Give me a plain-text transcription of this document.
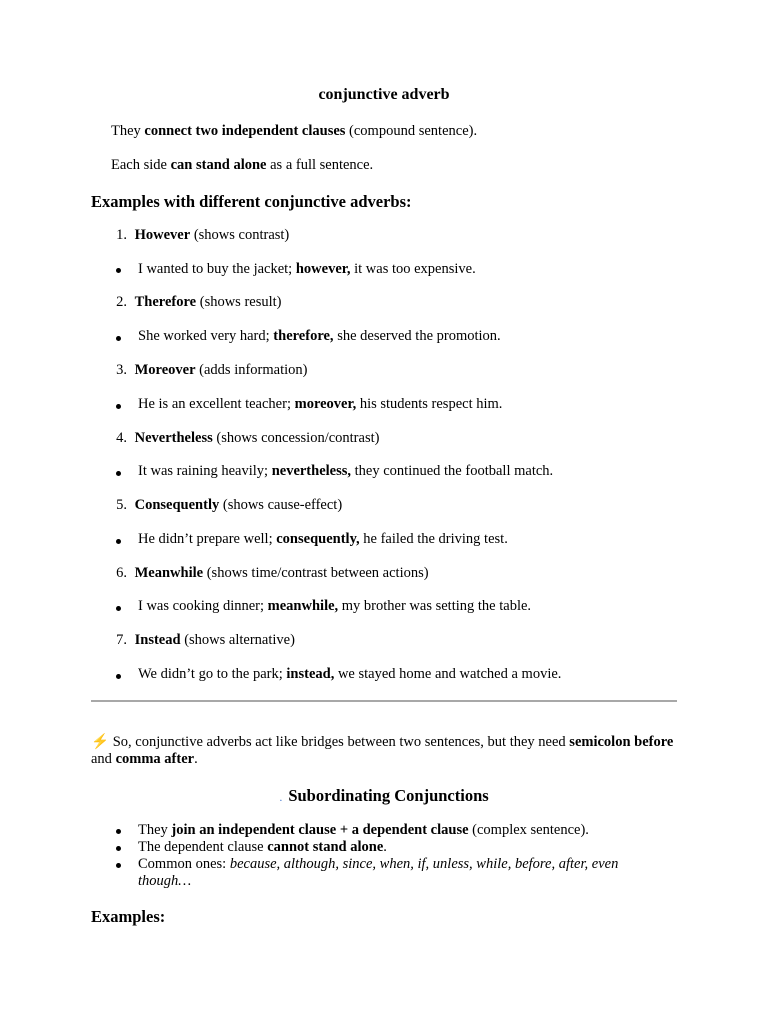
conjunctive adverb
They connect two independent clauses (compound sentence).
Each side can stand alone as a full sentence.
Examples with different conjunctive adverbs:
1. However (shows contrast)
I wanted to buy the jacket; however, it was too expensive.
2. Therefore (shows result)
She worked very hard; therefore, she deserved the promotion.
3. Moreover (adds information)
He is an excellent teacher; moreover, his students respect him.
4. Nevertheless (shows concession/contrast)
It was raining heavily; nevertheless, they continued the football match.
5. Consequently (shows cause-effect)
He didn’t prepare well; consequently, he failed the driving test.
6. Meanwhile (shows time/contrast between actions)
I was cooking dinner; meanwhile, my brother was setting the table.
7. Instead (shows alternative)
We didn’t go to the park; instead, we stayed home and watched a movie.
⚡ So, conjunctive adverbs act like bridges between two sentences, but they need semicolon before and comma after.
. Subordinating Conjunctions
They join an independent clause + a dependent clause (complex sentence).
The dependent clause cannot stand alone.
Common ones: because, although, since, when, if, unless, while, before, after, even though…
Examples:
